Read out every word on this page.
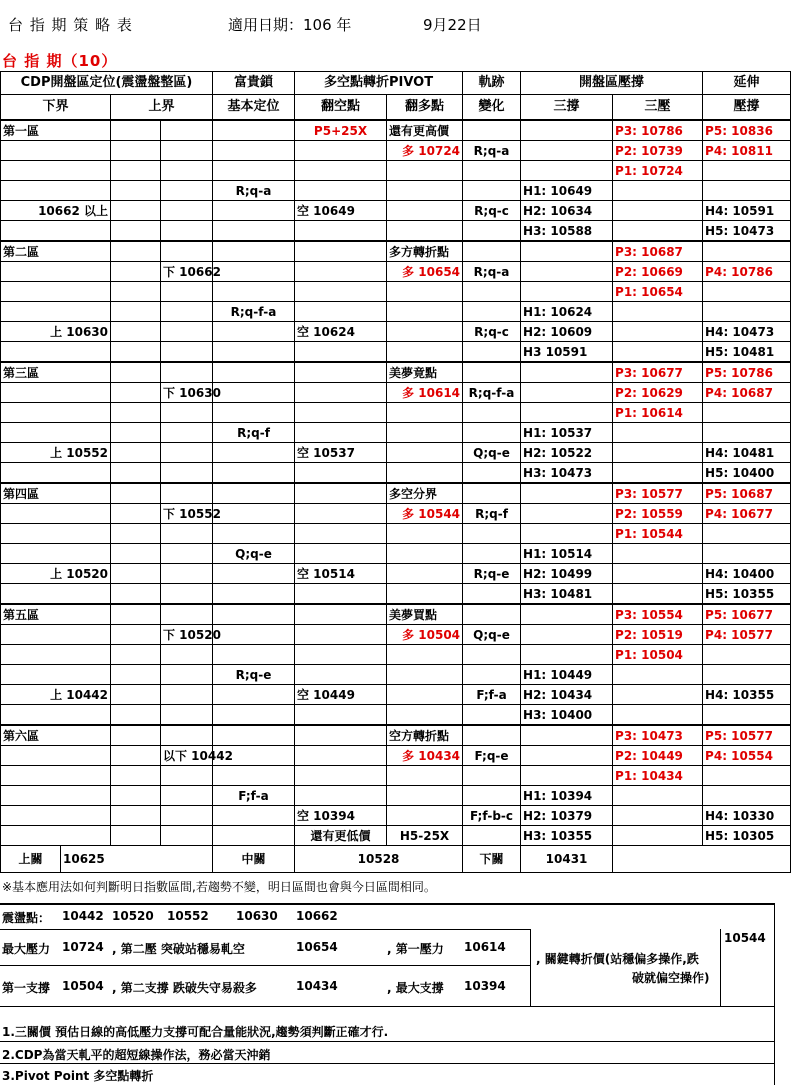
台 指 期 策 略 表	適用日期：106 年	9月22日
台 指 期（10）
CDP開盤區定位(震盪盤整區)				富貴鎖	多空點轉折PIVOT		軌跡	開盤區壓撐		延伸
下界		上界		基本定位	翻空點	翻多點	變化	三撐	三壓	壓撐
第一區					P5+25X	還有更高價			P3: 10786	P5: 10836
						多 10724	R;q-a		P2: 10739	P4: 10811
									P1: 10724	
				R;q-a				H1: 10649		
10662 以上					空 10649		R;q-c	H2: 10634		H4: 10591
								H3: 10588		H5: 10473
第二區						多方轉折點			P3: 10687	
			下 10662			多 10654	R;q-a		P2: 10669	P4: 10786
									P1: 10654	
				R;q-f-a				H1: 10624		
上 10630					空 10624		R;q-c	H2: 10609		H4: 10473
								H3 10591		H5: 10481
第三區						美夢竟點			P3: 10677	P5: 10786
			下 10630			多 10614	R;q-f-a		P2: 10629	P4: 10687
									P1: 10614	
				R;q-f				H1: 10537		
上 10552					空 10537		Q;q-e	H2: 10522		H4: 10481
								H3: 10473		H5: 10400
第四區						多空分界			P3: 10577	P5: 10687
			下 10552			多 10544	R;q-f		P2: 10559	P4: 10677
									P1: 10544	
				Q;q-e				H1: 10514		
上 10520					空 10514		R;q-e	H2: 10499		H4: 10400
								H3: 10481		H5: 10355
第五區						美夢買點			P3: 10554	P5: 10677
			下 10520			多 10504	Q;q-e		P2: 10519	P4: 10577
									P1: 10504	
				R;q-e				H1: 10449		
上 10442					空 10449		F;f-a	H2: 10434		H4: 10355
								H3: 10400		
第六區						空方轉折點			P3: 10473	P5: 10577
			以下 10442			多 10434	F;q-e		P2: 10449	P4: 10554
									P1: 10434	
				F;f-a				H1: 10394		
					空 10394		F;f-b-c	H2: 10379		H4: 10330
					還有更低價	H5-25X		H3: 10355		H5: 10305
上關	10625			中關	10528		下關	10431		
※基本應用法如何判斷明日指數區間,若趨勢不變，明日區間也會與今日區間相同。
震盪點： 10442 10520 10552 10630 10662
最大壓力 10724 , 第二壓 突破站穩易軋空	10654	, 第一壓力 10614
第一支撐 10504 , 第二支撐 跌破失守易殺多	10434	, 最大支撐 10394
10544
, 關鍵轉折價(站穩偏多操作,跌
破就偏空操作)
1.三關價 預估日線的高低壓力支撐可配合量能狀況,趨勢須判斷正確才行.
2.CDP為當天軋平的超短線操作法，務必當天沖銷
3.Pivot Point 多空點轉折
